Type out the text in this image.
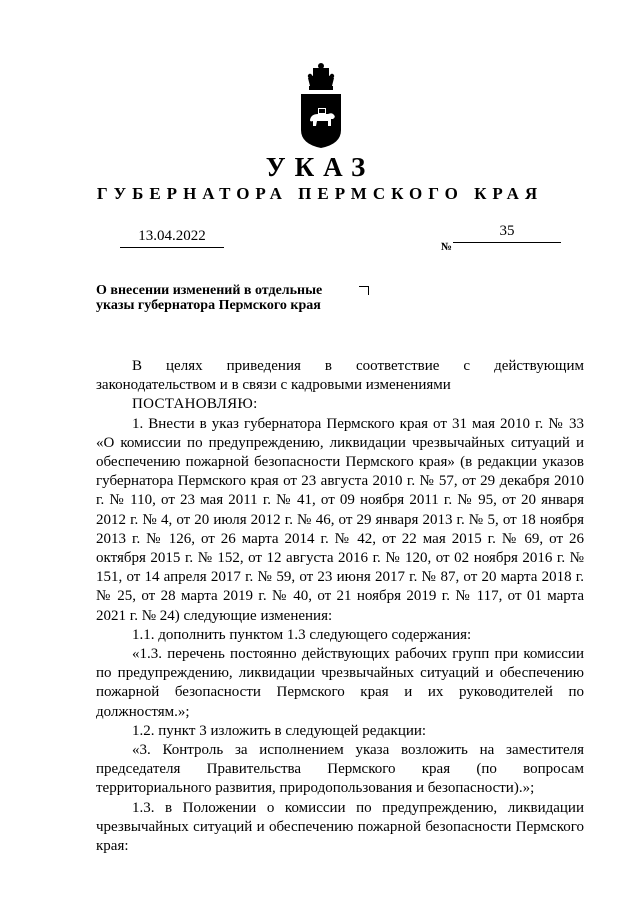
УКАЗ
ГУБЕРНАТОРА ПЕРМСКОГО КРАЯ
13.04.2022
№
35
О внесении изменений в отдельные
указы губернатора Пермского края

В целях приведения в соответствие с действующим законодательством и в связи с кадровыми изменениями

ПОСТАНОВЛЯЮ:

1. Внести в указ губернатора Пермского края от 31 мая 2010 г. № 33 «О комиссии по предупреждению, ликвидации чрезвычайных ситуаций и обеспечению пожарной безопасности Пермского края» (в редакции указов губернатора Пермского края от 23 августа 2010 г. № 57, от 29 декабря 2010 г. № 110, от 23 мая 2011 г. № 41, от 09 ноября 2011 г. № 95, от 20 января 2012 г. № 4, от 20 июля 2012 г. № 46, от 29 января 2013 г. № 5, от 18 ноября 2013 г. № 126, от 26 марта 2014 г. № 42, от 22 мая 2015 г. № 69, от 26 октября 2015 г. № 152, от 12 августа 2016 г. № 120, от 02 ноября 2016 г. № 151, от 14 апреля 2017 г. № 59, от 23 июня 2017 г. № 87, от 20 марта 2018 г. № 25, от 28 марта 2019 г. № 40, от 21 ноября 2019 г. № 117, от 01 марта 2021 г. № 24) следующие изменения:

1.1. дополнить пунктом 1.3 следующего содержания:

«1.3. перечень постоянно действующих рабочих групп при комиссии по предупреждению, ликвидации чрезвычайных ситуаций и обеспечению пожарной безопасности Пермского края и их руководителей по должностям.»;

1.2. пункт 3 изложить в следующей редакции:

«3. Контроль за исполнением указа возложить на заместителя председателя Правительства Пермского края (по вопросам территориального развития, природопользования и безопасности).»;

1.3. в Положении о комиссии по предупреждению, ликвидации чрезвычайных ситуаций и обеспечению пожарной безопасности Пермского края:
